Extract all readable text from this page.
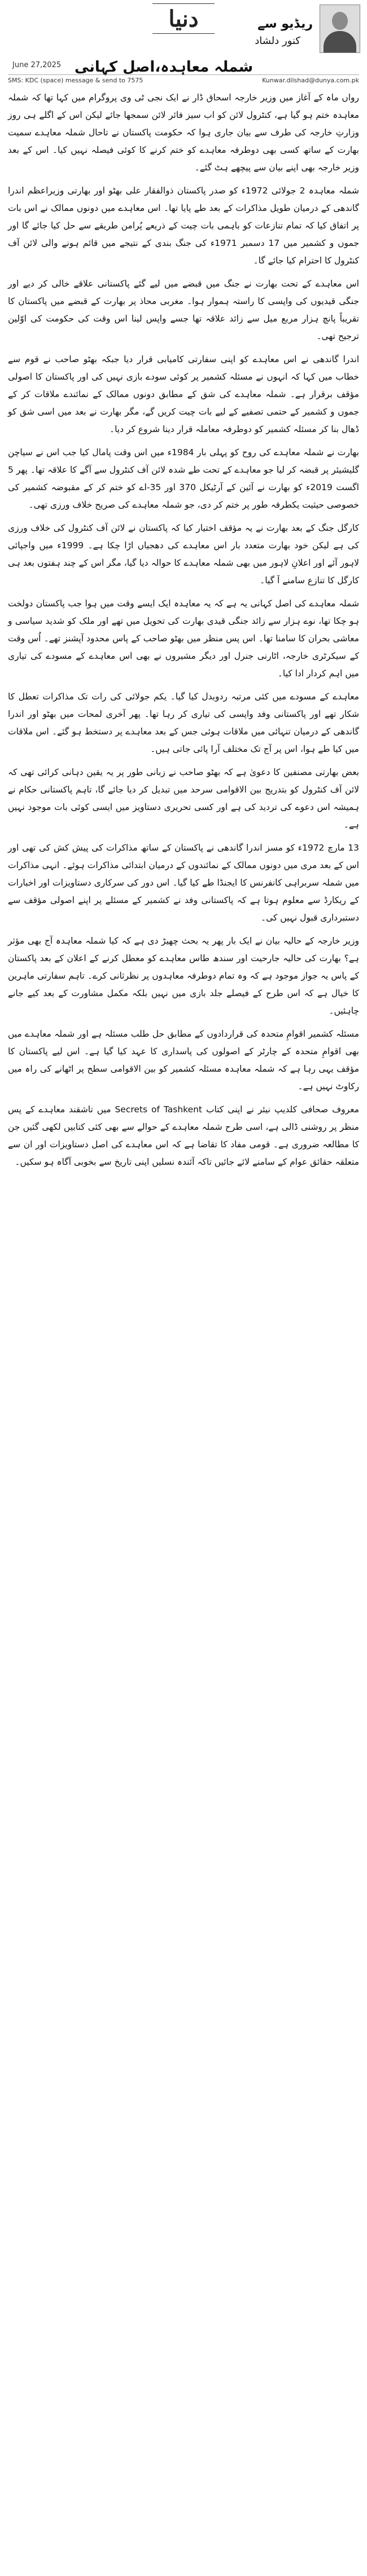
دنیا	ریڈیو سے
کنور دلشاد
شملہ معاہدہ،اصل کہانی
June 27,2025
SMS: KDC (space) message & send to 7575	Kunwar.dilshad@dunya.com.pk

رواں ماہ کے آغاز میں وزیر خارجہ اسحاق ڈار نے ایک نجی ٹی وی پروگرام میں کہا تھا کہ شملہ معاہدہ ختم ہو گیا ہے، کنٹرول لائن کو اب سیز فائر لائن سمجھا جائے لیکن اس کے اگلے ہی روز وزارتِ خارجہ کی طرف سے بیان جاری ہوا کہ حکومت پاکستان نے تاحال شملہ معاہدے سمیت بھارت کے ساتھ کسی بھی دوطرفہ معاہدے کو ختم کرنے کا کوئی فیصلہ نہیں کیا۔ اس کے بعد وزیر خارجہ بھی اپنے بیان سے پیچھے ہٹ گئے۔

شملہ معاہدہ 2 جولائی 1972ء کو صدر پاکستان ذوالفقار علی بھٹو اور بھارتی وزیراعظم اندرا گاندھی کے درمیان طویل مذاکرات کے بعد طے پایا تھا۔ اس معاہدے میں دونوں ممالک نے اس بات پر اتفاق کیا کہ تمام تنازعات کو باہمی بات چیت کے ذریعے پُرامن طریقے سے حل کیا جائے گا اور جموں و کشمیر میں 17 دسمبر 1971ء کی جنگ بندی کے نتیجے میں قائم ہونے والی لائن آف کنٹرول کا احترام کیا جائے گا۔

اس معاہدے کے تحت بھارت نے جنگ میں قبضے میں لیے گئے پاکستانی علاقے خالی کر دیے اور جنگی قیدیوں کی واپسی کا راستہ ہموار ہوا۔ مغربی محاذ پر بھارت کے قبضے میں پاکستان کا تقریباً پانچ ہزار مربع میل سے زائد علاقہ تھا جسے واپس لینا اس وقت کی حکومت کی اوّلین ترجیح تھی۔

اندرا گاندھی نے اس معاہدے کو اپنی سفارتی کامیابی قرار دیا جبکہ بھٹو صاحب نے قوم سے خطاب میں کہا کہ انہوں نے مسئلہ کشمیر پر کوئی سودے بازی نہیں کی اور پاکستان کا اصولی مؤقف برقرار ہے۔ شملہ معاہدے کی شق کے مطابق دونوں ممالک کے نمائندے ملاقات کر کے جموں و کشمیر کے حتمی تصفیے کے لیے بات چیت کریں گے، مگر بھارت نے بعد میں اسی شق کو ڈھال بنا کر مسئلہ کشمیر کو دوطرفہ معاملہ قرار دینا شروع کر دیا۔

بھارت نے شملہ معاہدے کی روح کو پہلی بار 1984ء میں اس وقت پامال کیا جب اس نے سیاچن گلیشیئر پر قبضہ کر لیا جو معاہدے کے تحت طے شدہ لائن آف کنٹرول سے آگے کا علاقہ تھا۔ پھر 5 اگست 2019ء کو بھارت نے آئین کے آرٹیکل 370 اور 35-اے کو ختم کر کے مقبوضہ کشمیر کی خصوصی حیثیت یکطرفہ طور پر ختم کر دی، جو شملہ معاہدے کی صریح خلاف ورزی تھی۔

کارگل جنگ کے بعد بھارت نے یہ مؤقف اختیار کیا کہ پاکستان نے لائن آف کنٹرول کی خلاف ورزی کی ہے لیکن خود بھارت متعدد بار اس معاہدے کی دھجیاں اڑا چکا ہے۔ 1999ء میں واجپائی لاہور آئے اور اعلانِ لاہور میں بھی شملہ معاہدے کا حوالہ دیا گیا، مگر اس کے چند ہفتوں بعد ہی کارگل کا تنازع سامنے آ گیا۔

شملہ معاہدے کی اصل کہانی یہ ہے کہ یہ معاہدہ ایک ایسے وقت میں ہوا جب پاکستان دولخت ہو چکا تھا، نوے ہزار سے زائد جنگی قیدی بھارت کی تحویل میں تھے اور ملک کو شدید سیاسی و معاشی بحران کا سامنا تھا۔ اس پس منظر میں بھٹو صاحب کے پاس محدود آپشنز تھے۔ اُس وقت کے سیکرٹری خارجہ، اٹارنی جنرل اور دیگر مشیروں نے بھی اس معاہدے کے مسودے کی تیاری میں اہم کردار ادا کیا۔

معاہدے کے مسودے میں کئی مرتبہ ردوبدل کیا گیا۔ یکم جولائی کی رات تک مذاکرات تعطل کا شکار تھے اور پاکستانی وفد واپسی کی تیاری کر رہا تھا۔ پھر آخری لمحات میں بھٹو اور اندرا گاندھی کے درمیان تنہائی میں ملاقات ہوئی جس کے بعد معاہدے پر دستخط ہو گئے۔ اس ملاقات میں کیا طے ہوا، اس پر آج تک مختلف آرا پائی جاتی ہیں۔

بعض بھارتی مصنفین کا دعویٰ ہے کہ بھٹو صاحب نے زبانی طور پر یہ یقین دہانی کرائی تھی کہ لائن آف کنٹرول کو بتدریج بین الاقوامی سرحد میں تبدیل کر دیا جائے گا، تاہم پاکستانی حکام نے ہمیشہ اس دعوے کی تردید کی ہے اور کسی تحریری دستاویز میں ایسی کوئی بات موجود نہیں ہے۔

13 مارچ 1972ء کو مسز اندرا گاندھی نے پاکستان کے ساتھ مذاکرات کی پیش کش کی تھی اور اس کے بعد مری میں دونوں ممالک کے نمائندوں کے درمیان ابتدائی مذاکرات ہوئے۔ انہی مذاکرات میں شملہ سربراہی کانفرنس کا ایجنڈا طے کیا گیا۔ اس دور کی سرکاری دستاویزات اور اخبارات کے ریکارڈ سے معلوم ہوتا ہے کہ پاکستانی وفد نے کشمیر کے مسئلے پر اپنے اصولی مؤقف سے دستبرداری قبول نہیں کی۔

وزیر خارجہ کے حالیہ بیان نے ایک بار پھر یہ بحث چھیڑ دی ہے کہ کیا شملہ معاہدہ آج بھی مؤثر ہے؟ بھارت کی حالیہ جارحیت اور سندھ طاس معاہدے کو معطل کرنے کے اعلان کے بعد پاکستان کے پاس یہ جواز موجود ہے کہ وہ تمام دوطرفہ معاہدوں پر نظرثانی کرے۔ تاہم سفارتی ماہرین کا خیال ہے کہ اس طرح کے فیصلے جلد بازی میں نہیں بلکہ مکمل مشاورت کے بعد کیے جانے چاہئیں۔

مسئلہ کشمیر اقوامِ متحدہ کی قراردادوں کے مطابق حل طلب مسئلہ ہے اور شملہ معاہدے میں بھی اقوامِ متحدہ کے چارٹر کے اصولوں کی پاسداری کا عہد کیا گیا ہے۔ اس لیے پاکستان کا مؤقف یہی رہا ہے کہ شملہ معاہدہ مسئلہ کشمیر کو بین الاقوامی سطح پر اٹھانے کی راہ میں رکاوٹ نہیں ہے۔

معروف صحافی کلدیپ نیئر نے اپنی کتاب Secrets of Tashkent میں تاشقند معاہدے کے پس منظر پر روشنی ڈالی ہے، اسی طرح شملہ معاہدے کے حوالے سے بھی کئی کتابیں لکھی گئیں جن کا مطالعہ ضروری ہے۔ قومی مفاد کا تقاضا ہے کہ اس معاہدے کی اصل دستاویزات اور ان سے متعلقہ حقائق عوام کے سامنے لائے جائیں تاکہ آئندہ نسلیں اپنی تاریخ سے بخوبی آگاہ ہو سکیں۔
